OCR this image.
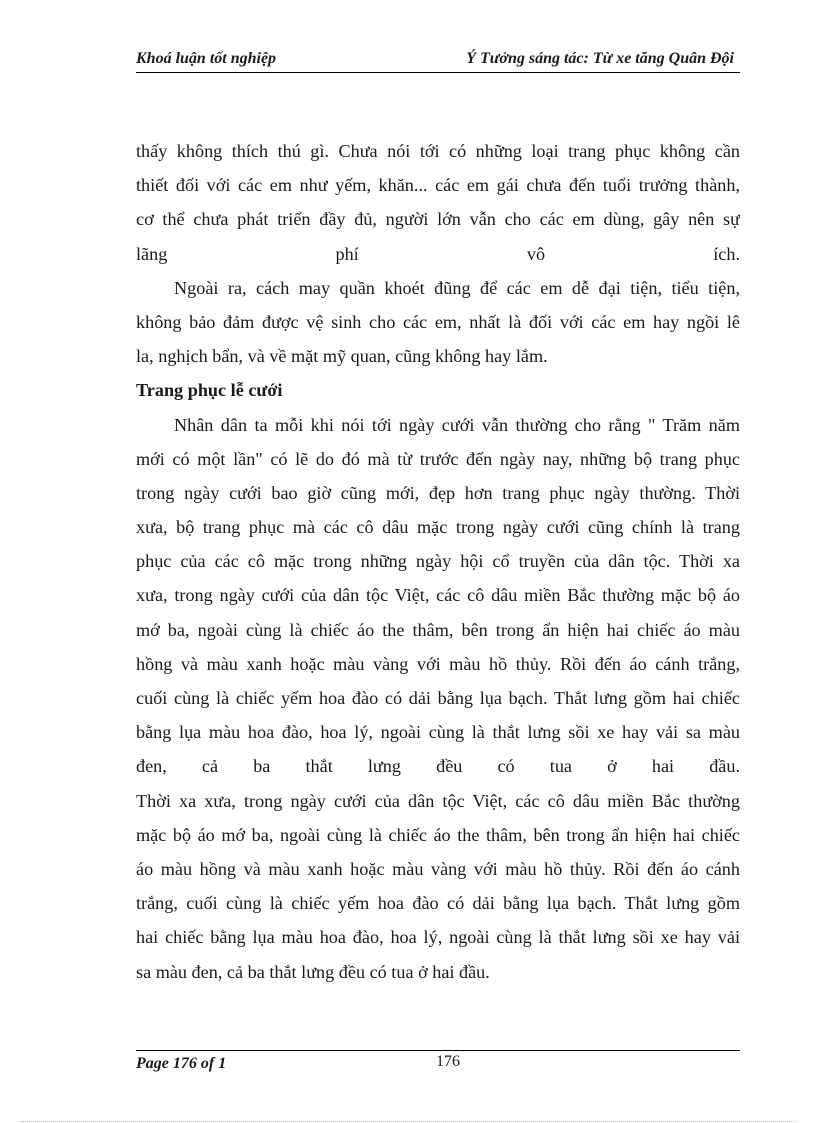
Khoá luận tốt nghiệp	Ý Tưởng sáng tác: Từ xe tăng Quân Đội
thấy không thích thú gì. Chưa nói tới có những loại trang phục không cần
thiết đối với các em như yếm, khăn... các em gái chưa đến tuổi trưởng thành,
cơ thể chưa phát triển đầy đủ, người lớn vẫn cho các em dùng, gây nên sự
lãng phí vô ích.
Ngoài ra, cách may quần khoét đũng để các em dễ đại tiện, tiểu tiện,
không bảo đảm được vệ sinh cho các em, nhất là đối với các em hay ngồi lê
la, nghịch bẩn, và về mặt mỹ quan, cũng không hay lắm.
Trang phục lễ cưới
Nhân dân ta mỗi khi nói tới ngày cưới vẫn thường cho rằng " Trăm năm
mới có một lần" có lẽ do đó mà từ trước đến ngày nay, những bộ trang phục
trong ngày cưới bao giờ cũng mới, đẹp hơn trang phục ngày thường. Thời
xưa, bộ trang phục mà các cô dâu mặc trong ngày cưới cũng chính là trang
phục của các cô mặc trong những ngày hội cổ truyền của dân tộc. Thời xa
xưa, trong ngày cưới của dân tộc Việt, các cô dâu miền Bắc thường mặc bộ áo
mớ ba, ngoài cùng là chiếc áo the thâm, bên trong ẩn hiện hai chiếc áo màu
hồng và màu xanh hoặc màu vàng với màu hồ thủy. Rồi đến áo cánh trắng,
cuối cùng là chiếc yếm hoa đào có dải bằng lụa bạch. Thắt lưng gồm hai chiếc
bằng lụa màu hoa đào, hoa lý, ngoài cùng là thắt lưng sồi xe hay vải sa màu
đen, cả ba thắt lưng đều có tua ở hai đầu.
Thời xa xưa, trong ngày cưới của dân tộc Việt, các cô dâu miền Bắc thường
mặc bộ áo mớ ba, ngoài cùng là chiếc áo the thâm, bên trong ẩn hiện hai chiếc
áo màu hồng và màu xanh hoặc màu vàng với màu hồ thủy. Rồi đến áo cánh
trắng, cuối cùng là chiếc yếm hoa đào có dải bằng lụa bạch. Thắt lưng gồm
hai chiếc bằng lụa màu hoa đào, hoa lý, ngoài cùng là thắt lưng sồi xe hay vải
sa màu đen, cả ba thắt lưng đều có tua ở hai đầu.
Page 176 of 1	176
